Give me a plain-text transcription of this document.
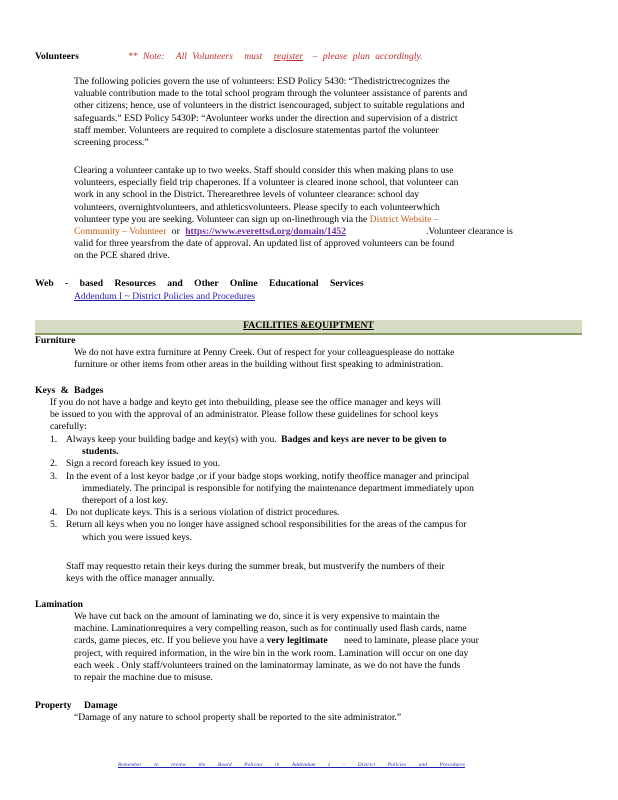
Volunteers	** Note: All Volunteers must register – please plan accordingly.
The following policies govern the use of volunteers: ESD Policy 5430: “Thedistrictrecognizes the
valuable contribution made to the total school program through the volunteer assistance of parents and
other citizens; hence, use of volunteers in the district isencouraged, subject to suitable regulations and
safeguards.” ESD Policy 5430P: “Avolunteer works under the direction and supervision of a district
staff member. Volunteers are required to complete a disclosure statementas partof the volunteer
screening process.”
Clearing a volunteer cantake up to two weeks. Staff should consider this when making plans to use
volunteers, especially field trip chaperones. If a volunteer is cleared inone school, that volunteer can
work in any school in the District. Therearethree levels of volunteer clearance: school day
volunteers, overnightvolunteers, and athleticsvolunteers. Please specify to each volunteerwhich
volunteer type you are seeking. Volunteer can sign up on-linethrough via the District Website –
Community – Volunteer or https://www.everettsd.org/domain/1452	.Volunteer clearance is
valid for three yearsfrom the date of approval. An updated list of approved volunteers can be found
on the PCE shared drive.
Web - based Resources and Other Online Educational Services
Addendum I ~ District Policies and Procedures
FACILITIES &EQUIPTMENT
Furniture
We do not have extra furniture at Penny Creek. Out of respect for your colleaguesplease do nottake
furniture or other items from other areas in the building without first speaking to administration.
Keys & Badges
If you do not have a badge and keyto get into thebuilding, please see the office manager and keys will
be issued to you with the approval of an administrator. Please follow these guidelines for school keys
carefully:
1. Always keep your building badge and key(s) with you. Badges and keys are never to be given to
students.
2. Sign a record foreach key issued to you.
3. In the event of a lost keyor badge ,or if your badge stops working, notify theoffice manager and principal
immediately. The principal is responsible for notifying the maintenance department immediately upon
thereport of a lost key.
4. Do not duplicate keys. This is a serious violation of district procedures.
5. Return all keys when you no longer have assigned school responsibilities for the areas of the campus for
which you were issued keys.
Staff may requestto retain their keys during the summer break, but mustverify the numbers of their
keys with the office manager annually.
Lamination
We have cut back on the amount of laminating we do, since it is very expensive to maintain the
machine. Laminationrequires a very compelling reason, such as for continually used flash cards, name
cards, game pieces, etc. If you believe you have a very legitimate need to laminate, please place your
project, with required information, in the wire bin in the work room. Lamination will occur on one day
each week . Only staff/volunteers trained on the laminatormay laminate, as we do not have the funds
to repair the machine due to misuse.
Property Damage
“Damage of any nature to school property shall be reported to the site administrator.”
Remember to review the Board Policies in Addendum I – District Policies and Procedures
